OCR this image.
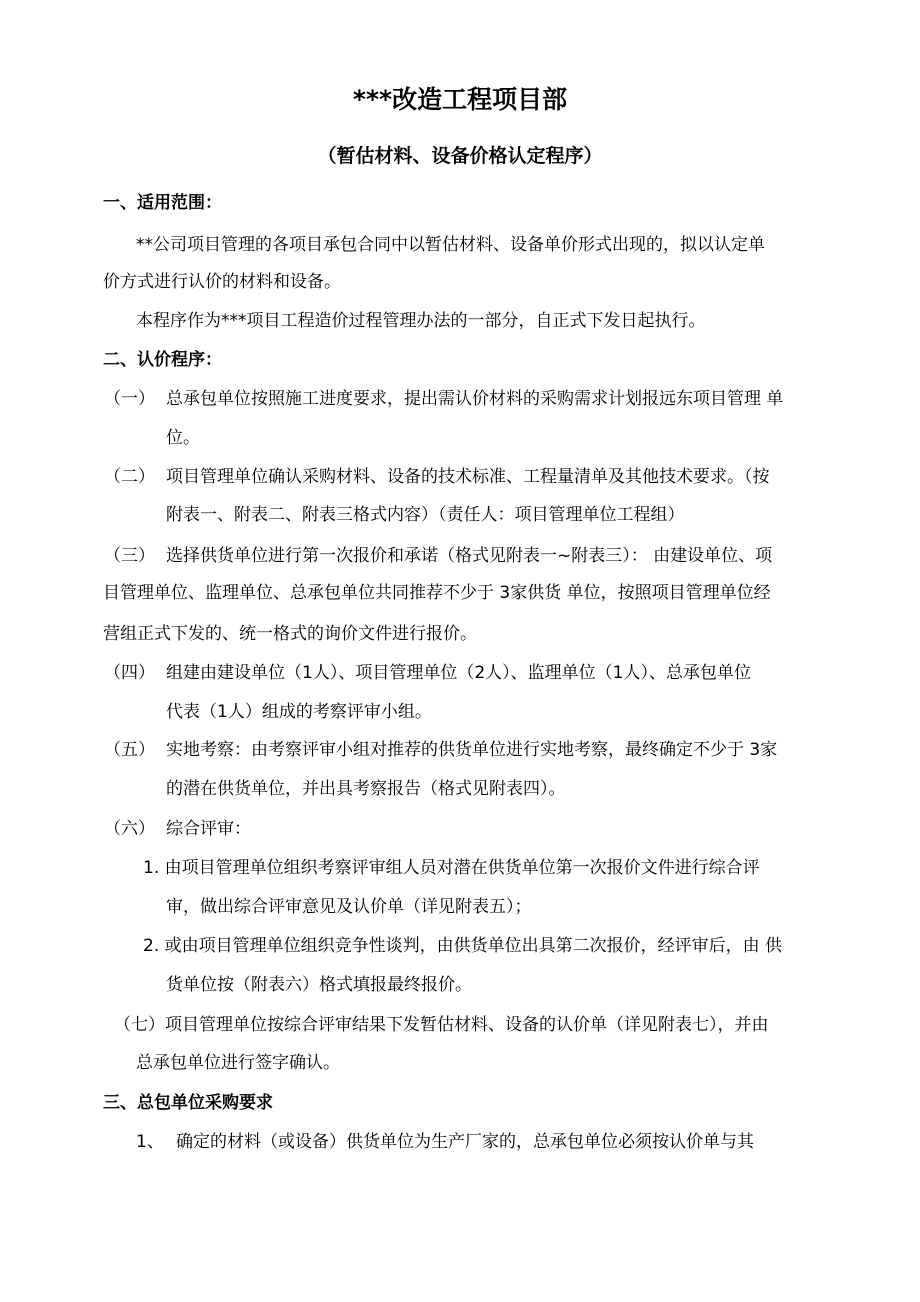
***改造工程项目部
（暂估材料、设备价格认定程序）
一、适用范围：
**公司项目管理的各项目承包合同中以暂估材料、设备单价形式出现的，拟以认定单
价方式进行认价的材料和设备。
本程序作为***项目工程造价过程管理办法的一部分，自正式下发日起执行。
二、认价程序：
（一） 总承包单位按照施工进度要求，提出需认价材料的采购需求计划报远东项目管理 单
位。
（二） 项目管理单位确认采购材料、设备的技术标准、工程量清单及其他技术要求。（按
附表一、附表二、附表三格式内容）（责任人：项目管理单位工程组）
（三） 选择供货单位进行第一次报价和承诺（格式见附表一~附表三）： 由建设单位、项
目管理单位、监理单位、总承包单位共同推荐不少于 3家供货 单位，按照项目管理单位经
营组正式下发的、统一格式的询价文件进行报价。
（四） 组建由建设单位（1人）、项目管理单位（2人）、监理单位（1人）、总承包单位
代表（1人）组成的考察评审小组。
（五） 实地考察：由考察评审小组对推荐的供货单位进行实地考察，最终确定不少于 3家
的潜在供货单位，并出具考察报告（格式见附表四）。
（六） 综合评审：
1. 由项目管理单位组织考察评审组人员对潜在供货单位第一次报价文件进行综合评
审，做出综合评审意见及认价单（详见附表五）；
2. 或由项目管理单位组织竞争性谈判，由供货单位出具第二次报价，经评审后，由 供
货单位按（附表六）格式填报最终报价。
（七）项目管理单位按综合评审结果下发暂估材料、设备的认价单（详见附表七），并由
总承包单位进行签字确认。
三、总包单位采购要求
1、 确定的材料（或设备）供货单位为生产厂家的，总承包单位必须按认价单与其
